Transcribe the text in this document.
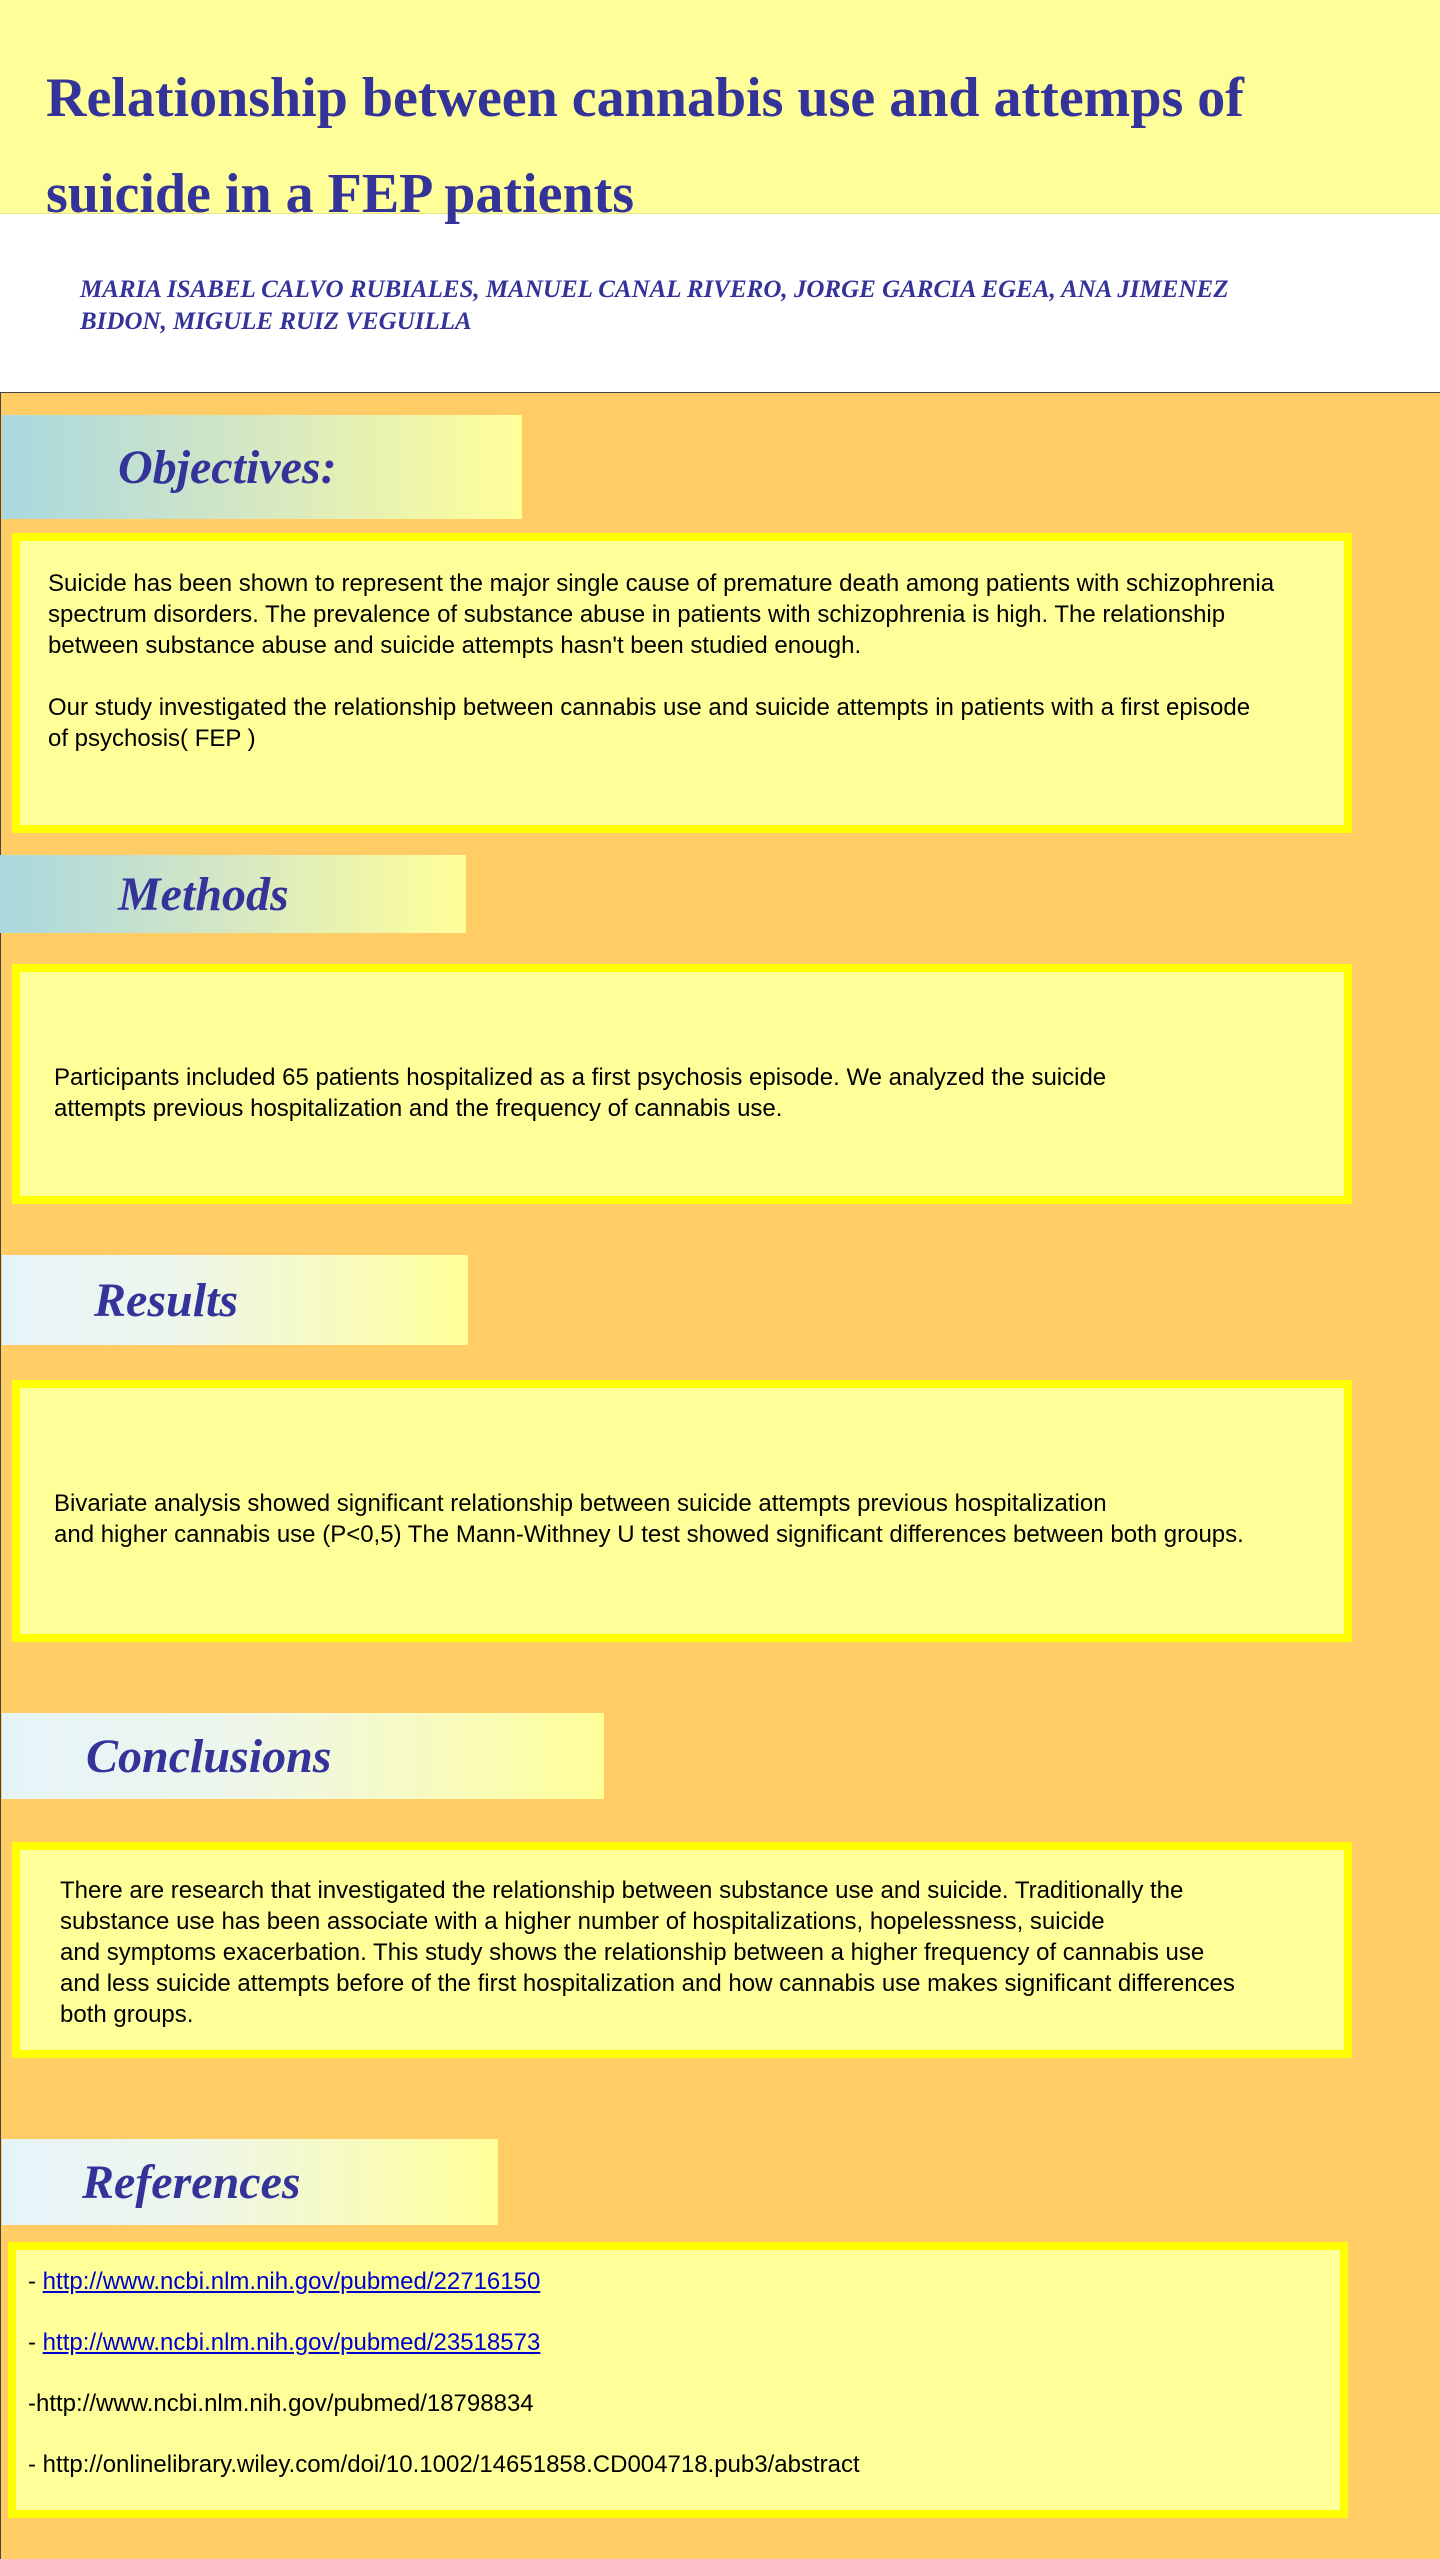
Relationship between cannabis use and attemps of
suicide in a FEP patients
MARIA ISABEL CALVO RUBIALES, MANUEL CANAL RIVERO, JORGE GARCIA EGEA, ANA JIMENEZ
BIDON, MIGULE RUIZ VEGUILLA
Objectives:

Suicide has been shown to represent the major single cause of premature death among patients with schizophrenia
spectrum disorders. The prevalence of substance abuse in patients with schizophrenia is high. The relationship
between substance abuse and suicide attempts hasn't been studied enough.

Our study investigated the relationship between cannabis use and suicide attempts in patients with a first episode
of psychosis( FEP )

Methods

Participants included 65 patients hospitalized as a first psychosis episode. We analyzed the suicide
attempts previous hospitalization and the frequency of cannabis use.

Results

Bivariate analysis showed significant relationship between suicide attempts previous hospitalization
and higher cannabis use (P<0,5) The Mann-Withney U test showed significant differences between both groups.

Conclusions

There are research that investigated the relationship between substance use and suicide. Traditionally the
substance use has been associate with a higher number of hospitalizations, hopelessness, suicide
and symptoms exacerbation. This study shows the relationship between a higher frequency of cannabis use
and less suicide attempts before of the first hospitalization and how cannabis use makes significant differences
both groups.

References

- http://www.ncbi.nlm.nih.gov/pubmed/22716150

- http://www.ncbi.nlm.nih.gov/pubmed/23518573

-http://www.ncbi.nlm.nih.gov/pubmed/18798834

- http://onlinelibrary.wiley.com/doi/10.1002/14651858.CD004718.pub3/abstract
